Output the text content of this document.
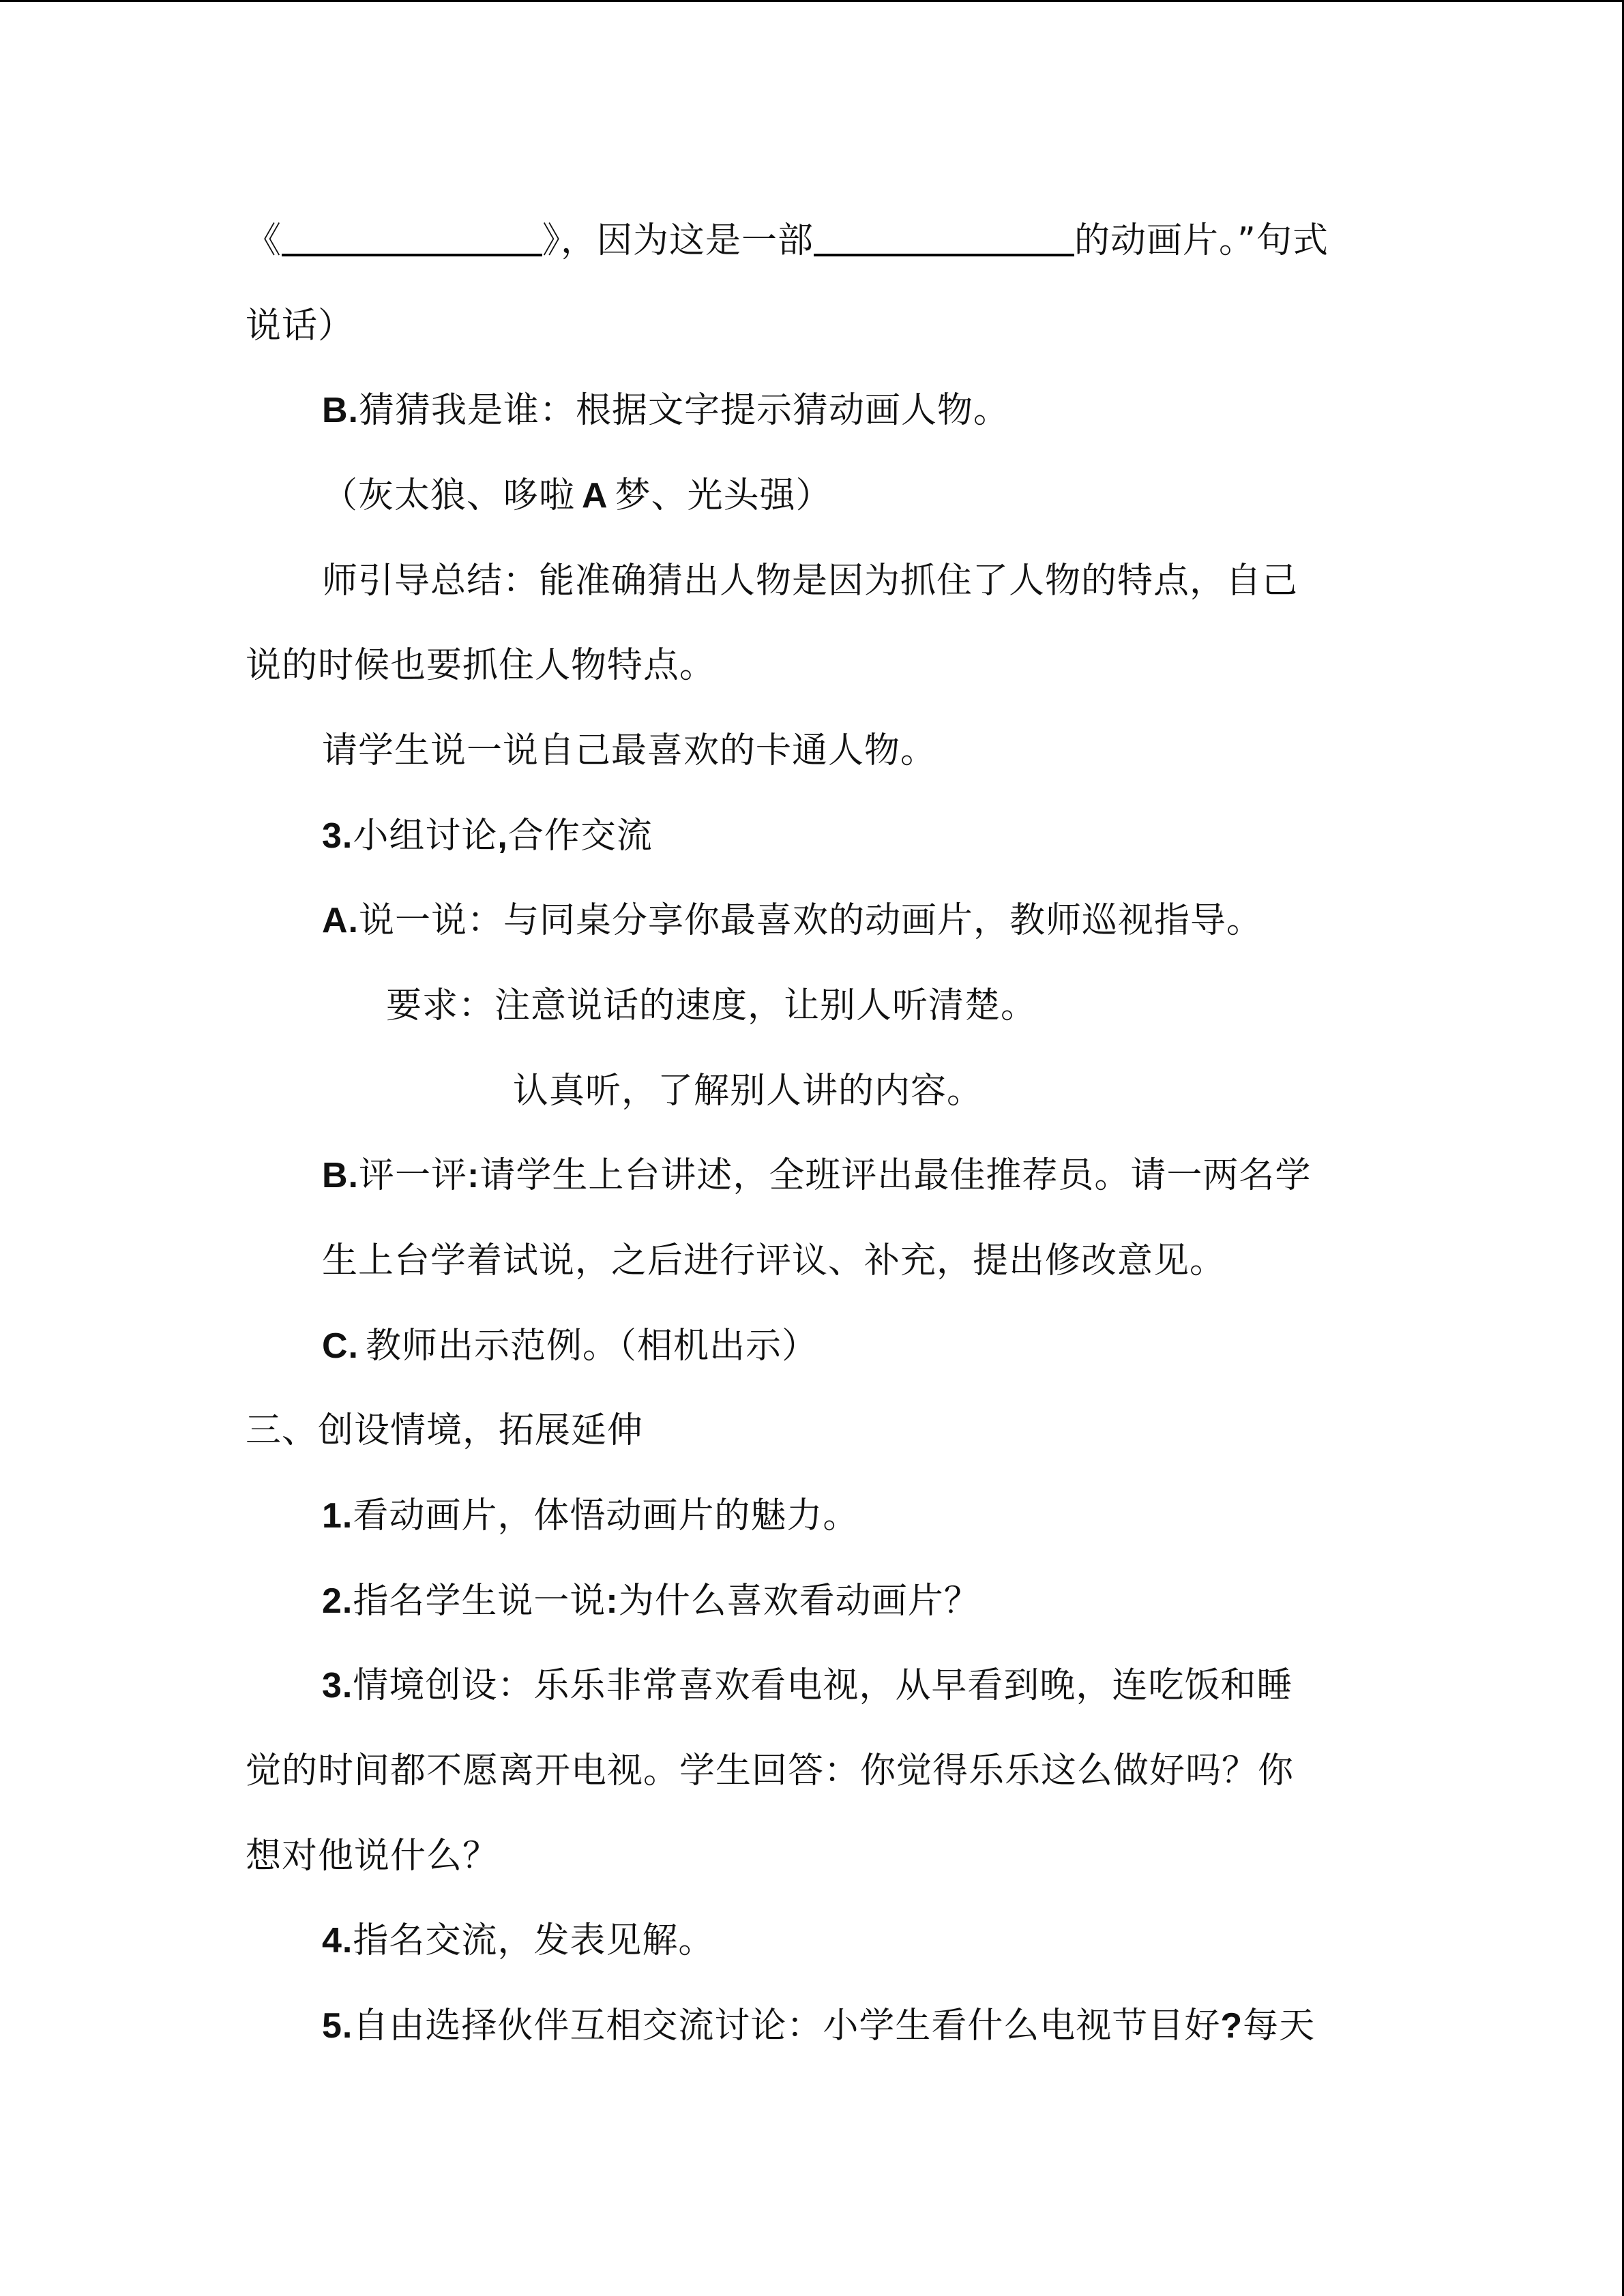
《	》，因为这是一部	的动画片。”句式
说话）
B.猜猜我是谁：根据文字提示猜动画人物。
（灰太狼、哆啦 A 梦、光头强）
师引导总结：能准确猜出人物是因为抓住了人物的特点，自己
说的时候也要抓住人物特点。
请学生说一说自己最喜欢的卡通人物。
3.小组讨论,合作交流
A.说一说：与同桌分享你最喜欢的动画片，教师巡视指导。
要求：注意说话的速度，让别人听清楚。
认真听，了解别人讲的内容。
B.评一评:请学生上台讲述，全班评出最佳推荐员。请一两名学
生上台学着试说，之后进行评议、补充，提出修改意见。
C. 教师出示范例。（相机出示）
三、创设情境，拓展延伸
1.看动画片，体悟动画片的魅力。
2.指名学生说一说:为什么喜欢看动画片？
3.情境创设：乐乐非常喜欢看电视，从早看到晚，连吃饭和睡
觉的时间都不愿离开电视。学生回答：你觉得乐乐这么做好吗？你
想对他说什么？
4.指名交流，发表见解。
5.自由选择伙伴互相交流讨论：小学生看什么电视节目好?每天
